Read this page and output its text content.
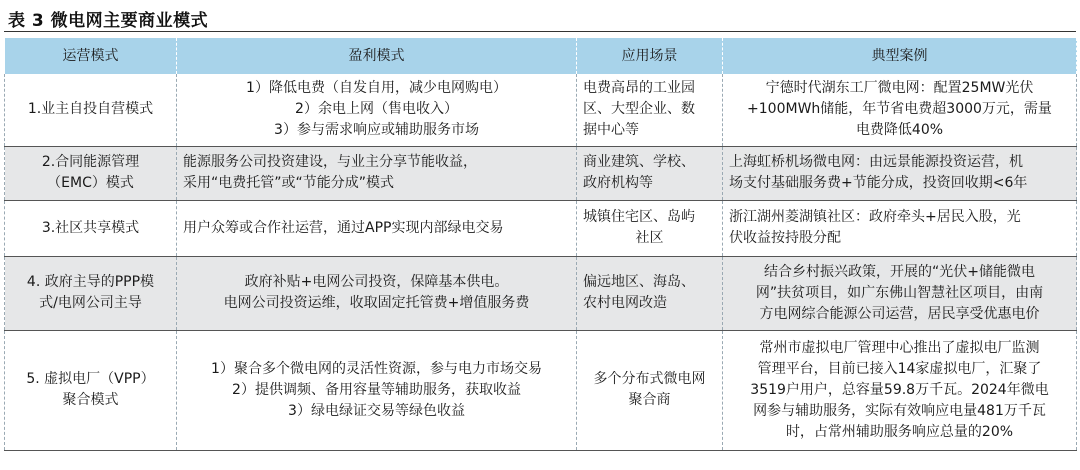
表 3 微电网主要商业模式
运营模式	盈利模式	应用场景	典型案例

1.业主自投自营模式	1）降低电费（自发自用，减少电网购电）
2）余电上网（售电收入）
3）参与需求响应或辅助服务市场	电费高昂的工业园
区、大型企业、数
据中心等	宁德时代湖东工厂微电网：配置25MW光伏
+100MWh储能，年节省电费超3000万元，需量
电费降低40%

2.合同能源管理
（EMC）模式	能源服务公司投资建设，与业主分享节能收益，
采用“电费托管”或“节能分成”模式	商业建筑、学校、
政府机构等	上海虹桥机场微电网：由远景能源投资运营，机
场支付基础服务费+节能分成，投资回收期<6年

3.社区共享模式	用户众筹或合作社运营，通过APP实现内部绿电交易	城镇住宅区、岛屿
社区	浙江湖州菱湖镇社区：政府牵头+居民入股，光
伏收益按持股分配

4. 政府主导的PPP模
式/电网公司主导	政府补贴+电网公司投资，保障基本供电。
电网公司投资运维，收取固定托管费+增值服务费	偏远地区、海岛、
农村电网改造	结合乡村振兴政策，开展的“光伏+储能微电
网”扶贫项目，如广东佛山智慧社区项目，由南
方电网综合能源公司运营，居民享受优惠电价

5. 虚拟电厂（VPP）
聚合模式	1）聚合多个微电网的灵活性资源，参与电力市场交易
2）提供调频、备用容量等辅助服务，获取收益
3）绿电绿证交易等绿色收益	多个分布式微电网
聚合商	常州市虚拟电厂管理中心推出了虚拟电厂监测
管理平台，目前已接入14家虚拟电厂，汇聚了
3519户用户，总容量59.8万千瓦。2024年微电
网参与辅助服务，实际有效响应电量481万千瓦
时，占常州辅助服务响应总量的20%
